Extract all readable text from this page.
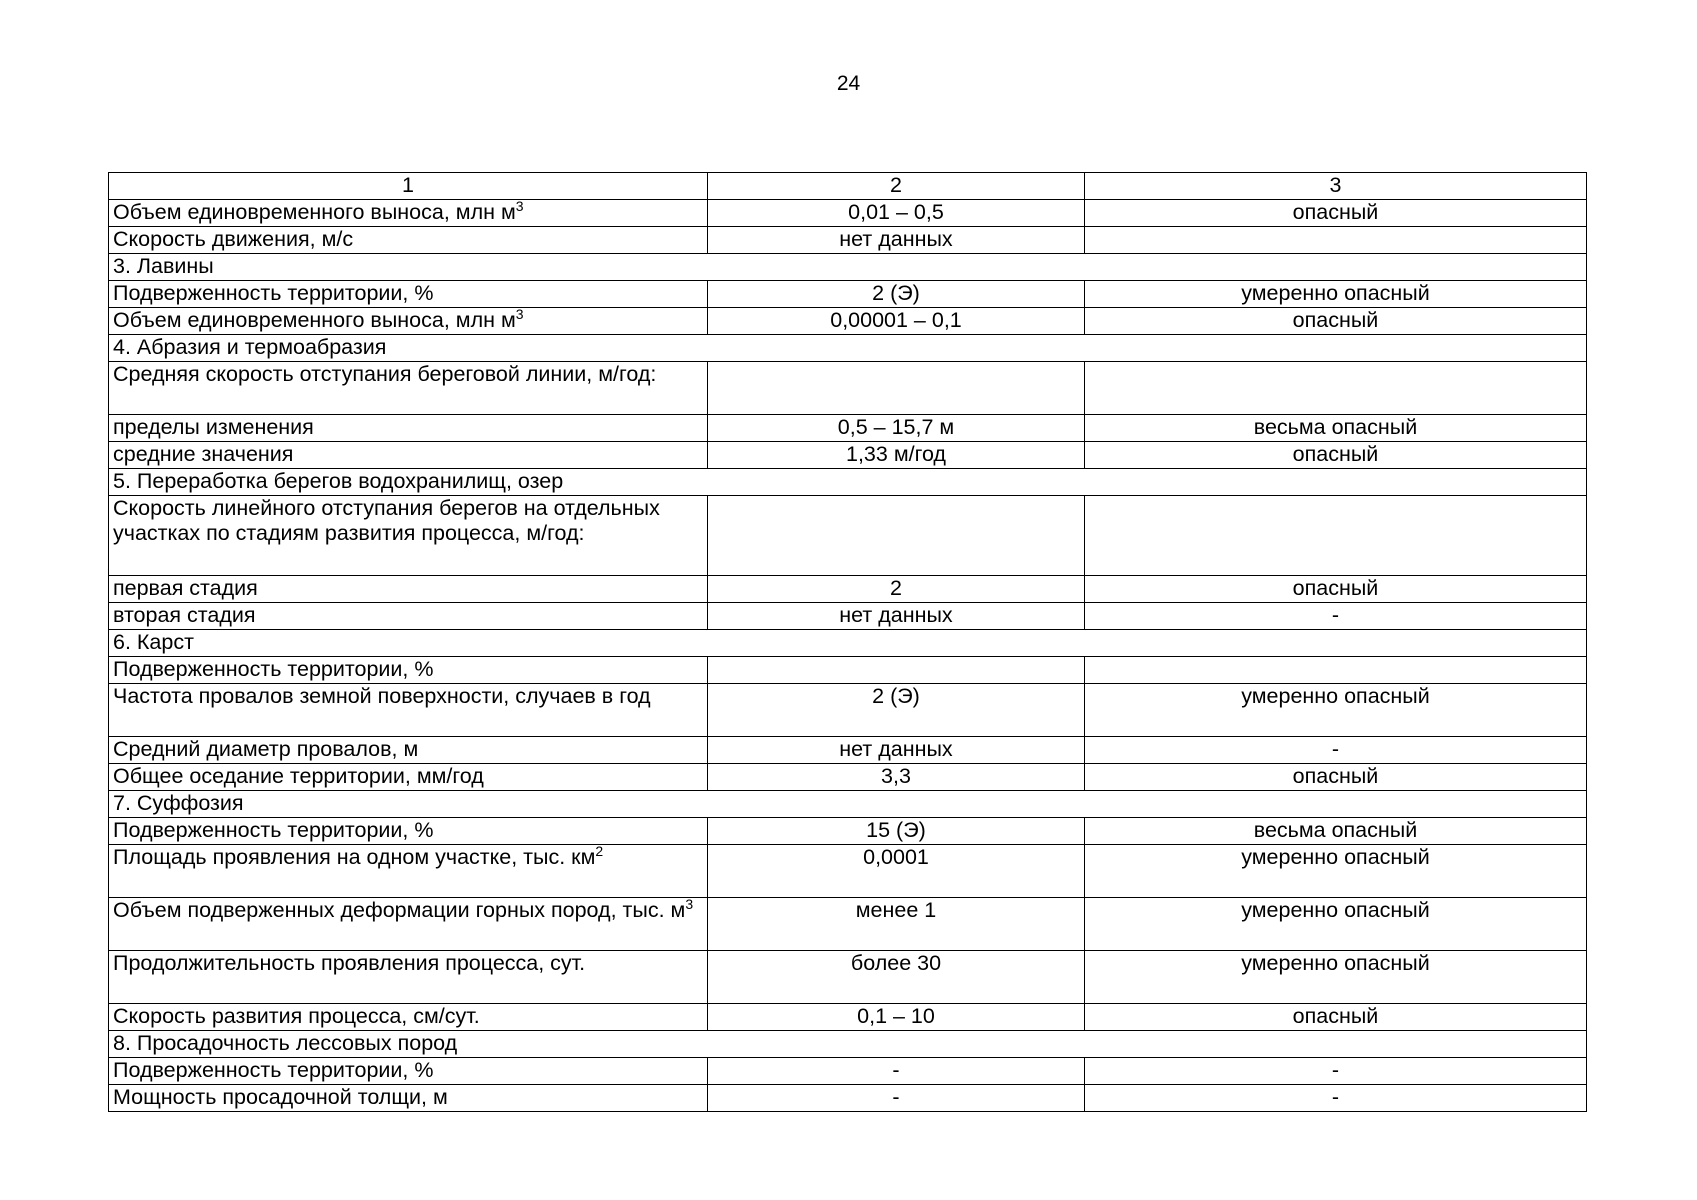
24
1	2	3
Объем единовременного выноса, млн $м^3$	0,01 – 0,5	опасный
Скорость движения, м/с	нет данных	
3. Лавины		
Подверженность территории, %	2 (Э)	умеренно опасный
Объем единовременного выноса, млн $м^3$	0,00001 – 0,1	опасный
4. Абразия и термоабразия		
Средняя скорость отступания береговой линии, м/год:		
пределы изменения	0,5 – 15,7 м	весьма опасный
средние значения	1,33 м/год	опасный
5. Переработка берегов водохранилищ, озер		
Скорость линейного отступания берегов на отдельных участках по стадиям развития процесса, м/год:		
первая стадия	2	опасный
вторая стадия	нет данных	-
6. Карст		
Подверженность территории, %		
Частота провалов земной поверхности, случаев в год	2 (Э)	умеренно опасный
Средний диаметр провалов, м	нет данных	-
Общее оседание территории, мм/год	3,3	опасный
7. Суффозия		
Подверженность территории, %	15 (Э)	весьма опасный
Площадь проявления на одном участке, тыс. $км^2$	0,0001	умеренно опасный
Объем подверженных деформации горных пород, тыс. $м^3$	менее 1	умеренно опасный
Продолжительность проявления процесса, сут.	более 30	умеренно опасный
Скорость развития процесса, см/сут.	0,1 – 10	опасный
8. Просадочность лессовых пород		
Подверженность территории, %	-	-
Мощность просадочной толщи, м	-	-
